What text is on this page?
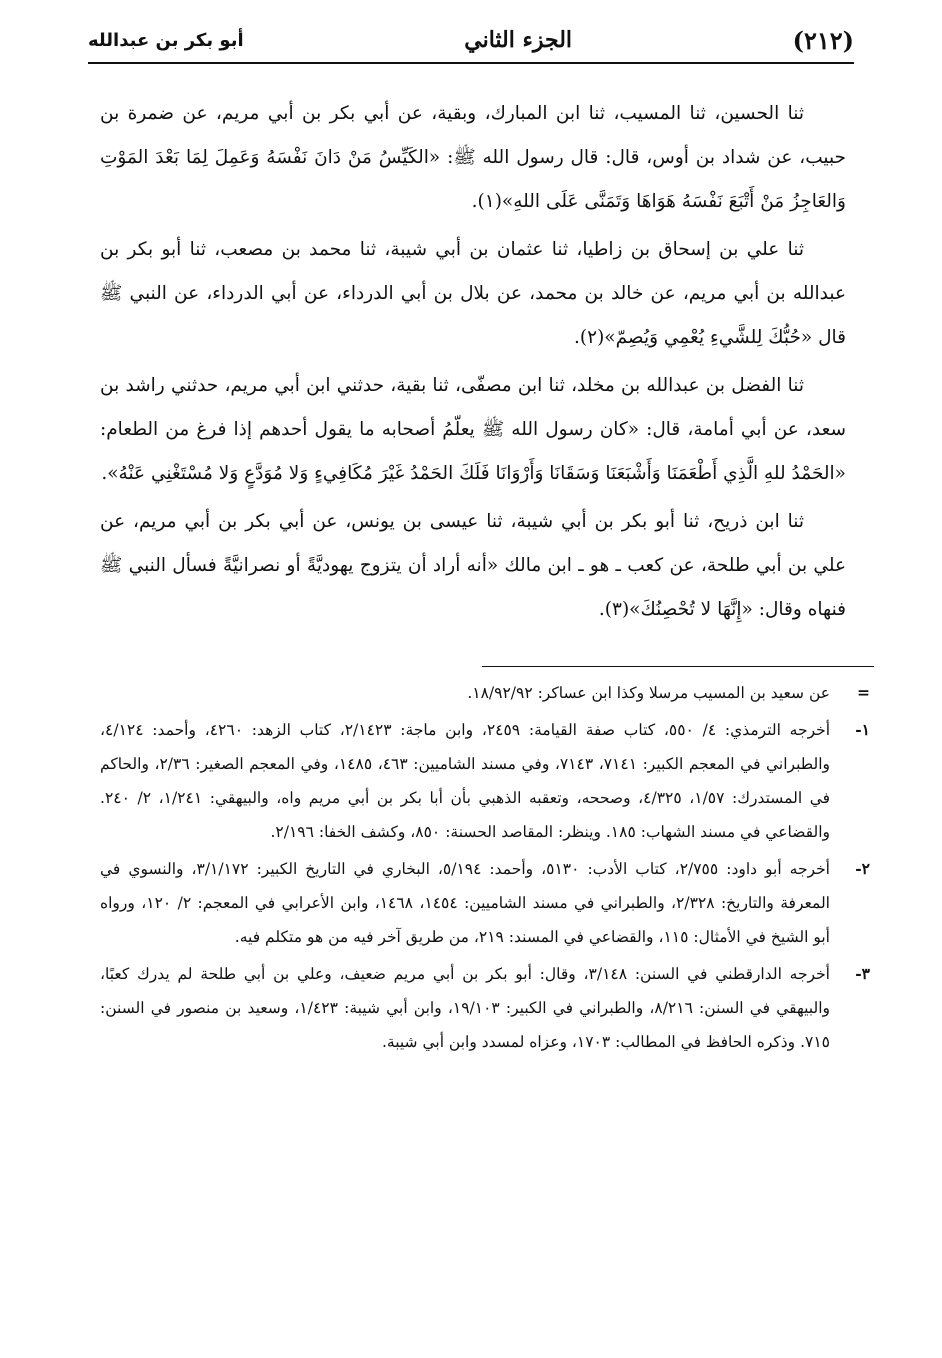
(٢١٢)
الجزء الثاني
أبو بكر بن عبدالله

ثنا الحسين، ثنا المسيب، ثنا ابن المبارك، وبقية، عن أبي بكر بن أبي مريم، عن ضمرة بن حبيب، عن شداد بن أوس، قال: قال رسول الله ﷺ: «الكَيِّسُ مَنْ دَانَ نَفْسَهُ وَعَمِلَ لِمَا بَعْدَ المَوْتِ وَالعَاجِزُ مَنْ أَتْبَعَ نَفْسَهُ هَوَاهَا وَتَمَنَّى عَلَى اللهِ»(١).

ثنا علي بن إسحاق بن زاطيا، ثنا عثمان بن أبي شيبة، ثنا محمد بن مصعب، ثنا أبو بكر بن عبدالله بن أبي مريم، عن خالد بن محمد، عن بلال بن أبي الدرداء، عن أبي الدرداء، عن النبي ﷺ قال «حُبُّكَ لِلشَّيءِ يُعْمِي وَيُصِمّ»(٢).

ثنا الفضل بن عبدالله بن مخلد، ثنا ابن مصفّى، ثنا بقية، حدثني ابن أبي مريم، حدثني راشد بن سعد، عن أبي أمامة، قال: «كان رسول الله ﷺ يعلّمُ أصحابه ما يقول أحدهم إذا فرغ من الطعام: «الحَمْدُ للهِ الَّذِي أَطْعَمَنَا وَأَشْبَعَنَا وَسَقَانَا وَأَرْوَانَا فَلَكَ الحَمْدُ غَيْرَ مُكَافِيءٍ وَلا مُوَدَّعٍ وَلا مُسْتَغْنِي عَنْهُ».

ثنا ابن ذريح، ثنا أبو بكر بن أبي شيبة، ثنا عيسى بن يونس، عن أبي بكر بن أبي مريم، عن علي بن أبي طلحة، عن كعب ـ هو ـ ابن مالك «أنه أراد أن يتزوج يهوديَّةً أو نصرانيَّةً فسأل النبي ﷺ فنهاه وقال: «إِنَّهَا لا تُحْصِنُكَ»(٣).

=
عن سعيد بن المسيب مرسلا وكذا ابن عساكر: ١٨/٩٢/٩٢.
١-
أخرجه الترمذي: ٤/ ٥٥٠، كتاب صفة القيامة: ٢٤٥٩، وابن ماجة: ٢/١٤٢٣، كتاب الزهد: ٤٢٦٠، وأحمد: ٤/١٢٤، والطبراني في المعجم الكبير: ٧١٤١، ٧١٤٣، وفي مسند الشاميين: ٤٦٣، ١٤٨٥، وفي المعجم الصغير: ٢/٣٦، والحاكم في المستدرك: ١/٥٧، ٤/٣٢٥، وصححه، وتعقبه الذهبي بأن أبا بكر بن أبي مريم واه، والبيهقي: ١/٢٤١، ٢/ ٢٤٠. والقضاعي في مسند الشهاب: ١٨٥. وينظر: المقاصد الحسنة: ٨٥٠، وكشف الخفا: ٢/١٩٦.
٢-
أخرجه أبو داود: ٢/٧٥٥، كتاب الأدب: ٥١٣٠، وأحمد: ٥/١٩٤، البخاري في التاريخ الكبير: ٣/١/١٧٢، والنسوي في المعرفة والتاريخ: ٢/٣٢٨، والطبراني في مسند الشاميين: ١٤٥٤، ١٤٦٨، وابن الأعرابي في المعجم: ٢/ ١٢٠، ورواه أبو الشيخ في الأمثال: ١١٥، والقضاعي في المسند: ٢١٩، من طريق آخر فيه من هو متكلم فيه.
٣-
أخرجه الدارقطني في السنن: ٣/١٤٨، وقال: أبو بكر بن أبي مريم ضعيف، وعلي بن أبي طلحة لم يدرك كعبًا، والبيهقي في السنن: ٨/٢١٦، والطبراني في الكبير: ١٩/١٠٣، وابن أبي شيبة: ١/٤٢٣، وسعيد بن منصور في السنن: ٧١٥. وذكره الحافظ في المطالب: ١٧٠٣، وعزاه لمسدد وابن أبي شيبة.
